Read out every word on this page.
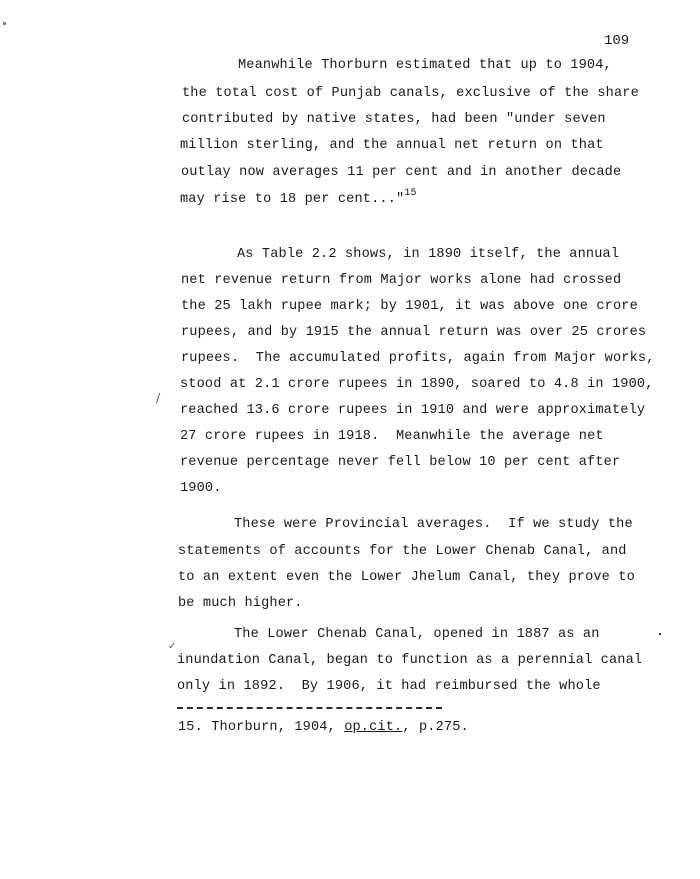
109
Meanwhile Thorburn estimated that up to 1904,
the total cost of Punjab canals, exclusive of the share
contributed by native states, had been "under seven
million sterling, and the annual net return on that
outlay now averages 11 per cent and in another decade
may rise to 18 per cent..."$^{15}$
As Table 2.2 shows, in 1890 itself, the annual
net revenue return from Major works alone had crossed
the 25 lakh rupee mark; by 1901, it was above one crore
rupees, and by 1915 the annual return was over 25 crores
rupees.  The accumulated profits, again from Major works,
stood at 2.1 crore rupees in 1890, soared to 4.8 in 1900,
reached 13.6 crore rupees in 1910 and were approximately
27 crore rupees in 1918.  Meanwhile the average net
revenue percentage never fell below 10 per cent after
1900.
/
These were Provincial averages.  If we study the
statements of accounts for the Lower Chenab Canal, and
to an extent even the Lower Jhelum Canal, they prove to
be much higher.
The Lower Chenab Canal, opened in 1887 as an
inundation Canal, began to function as a perennial canal
only in 1892.  By 1906, it had reimbursed the whole
✓
15. Thorburn, 1904, op.cit., p.275.
